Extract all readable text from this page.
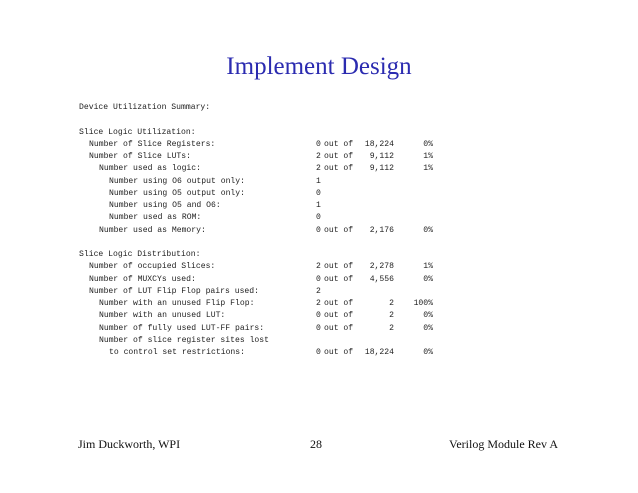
Implement Design
Device Utilization Summary:
Slice Logic Utilization:
Number of Slice Registers:	0 out of	18,224	0%
Number of Slice LUTs:	2 out of	9,112	1%
Number used as logic:	2 out of	9,112	1%
Number using O6 output only:	1
Number using O5 output only:	0
Number using O5 and O6:	1
Number used as ROM:	0
Number used as Memory:	0 out of	2,176	0%
Slice Logic Distribution:
Number of occupied Slices:	2 out of	2,278	1%
Number of MUXCYs used:	0 out of	4,556	0%
Number of LUT Flip Flop pairs used:	2
Number with an unused Flip Flop:	2 out of	2	100%
Number with an unused LUT:	0 out of	2	0%
Number of fully used LUT-FF pairs:	0 out of	2	0%
Number of slice register sites lost
to control set restrictions:	0 out of	18,224	0%
Jim Duckworth, WPI	28	Verilog Module Rev A
